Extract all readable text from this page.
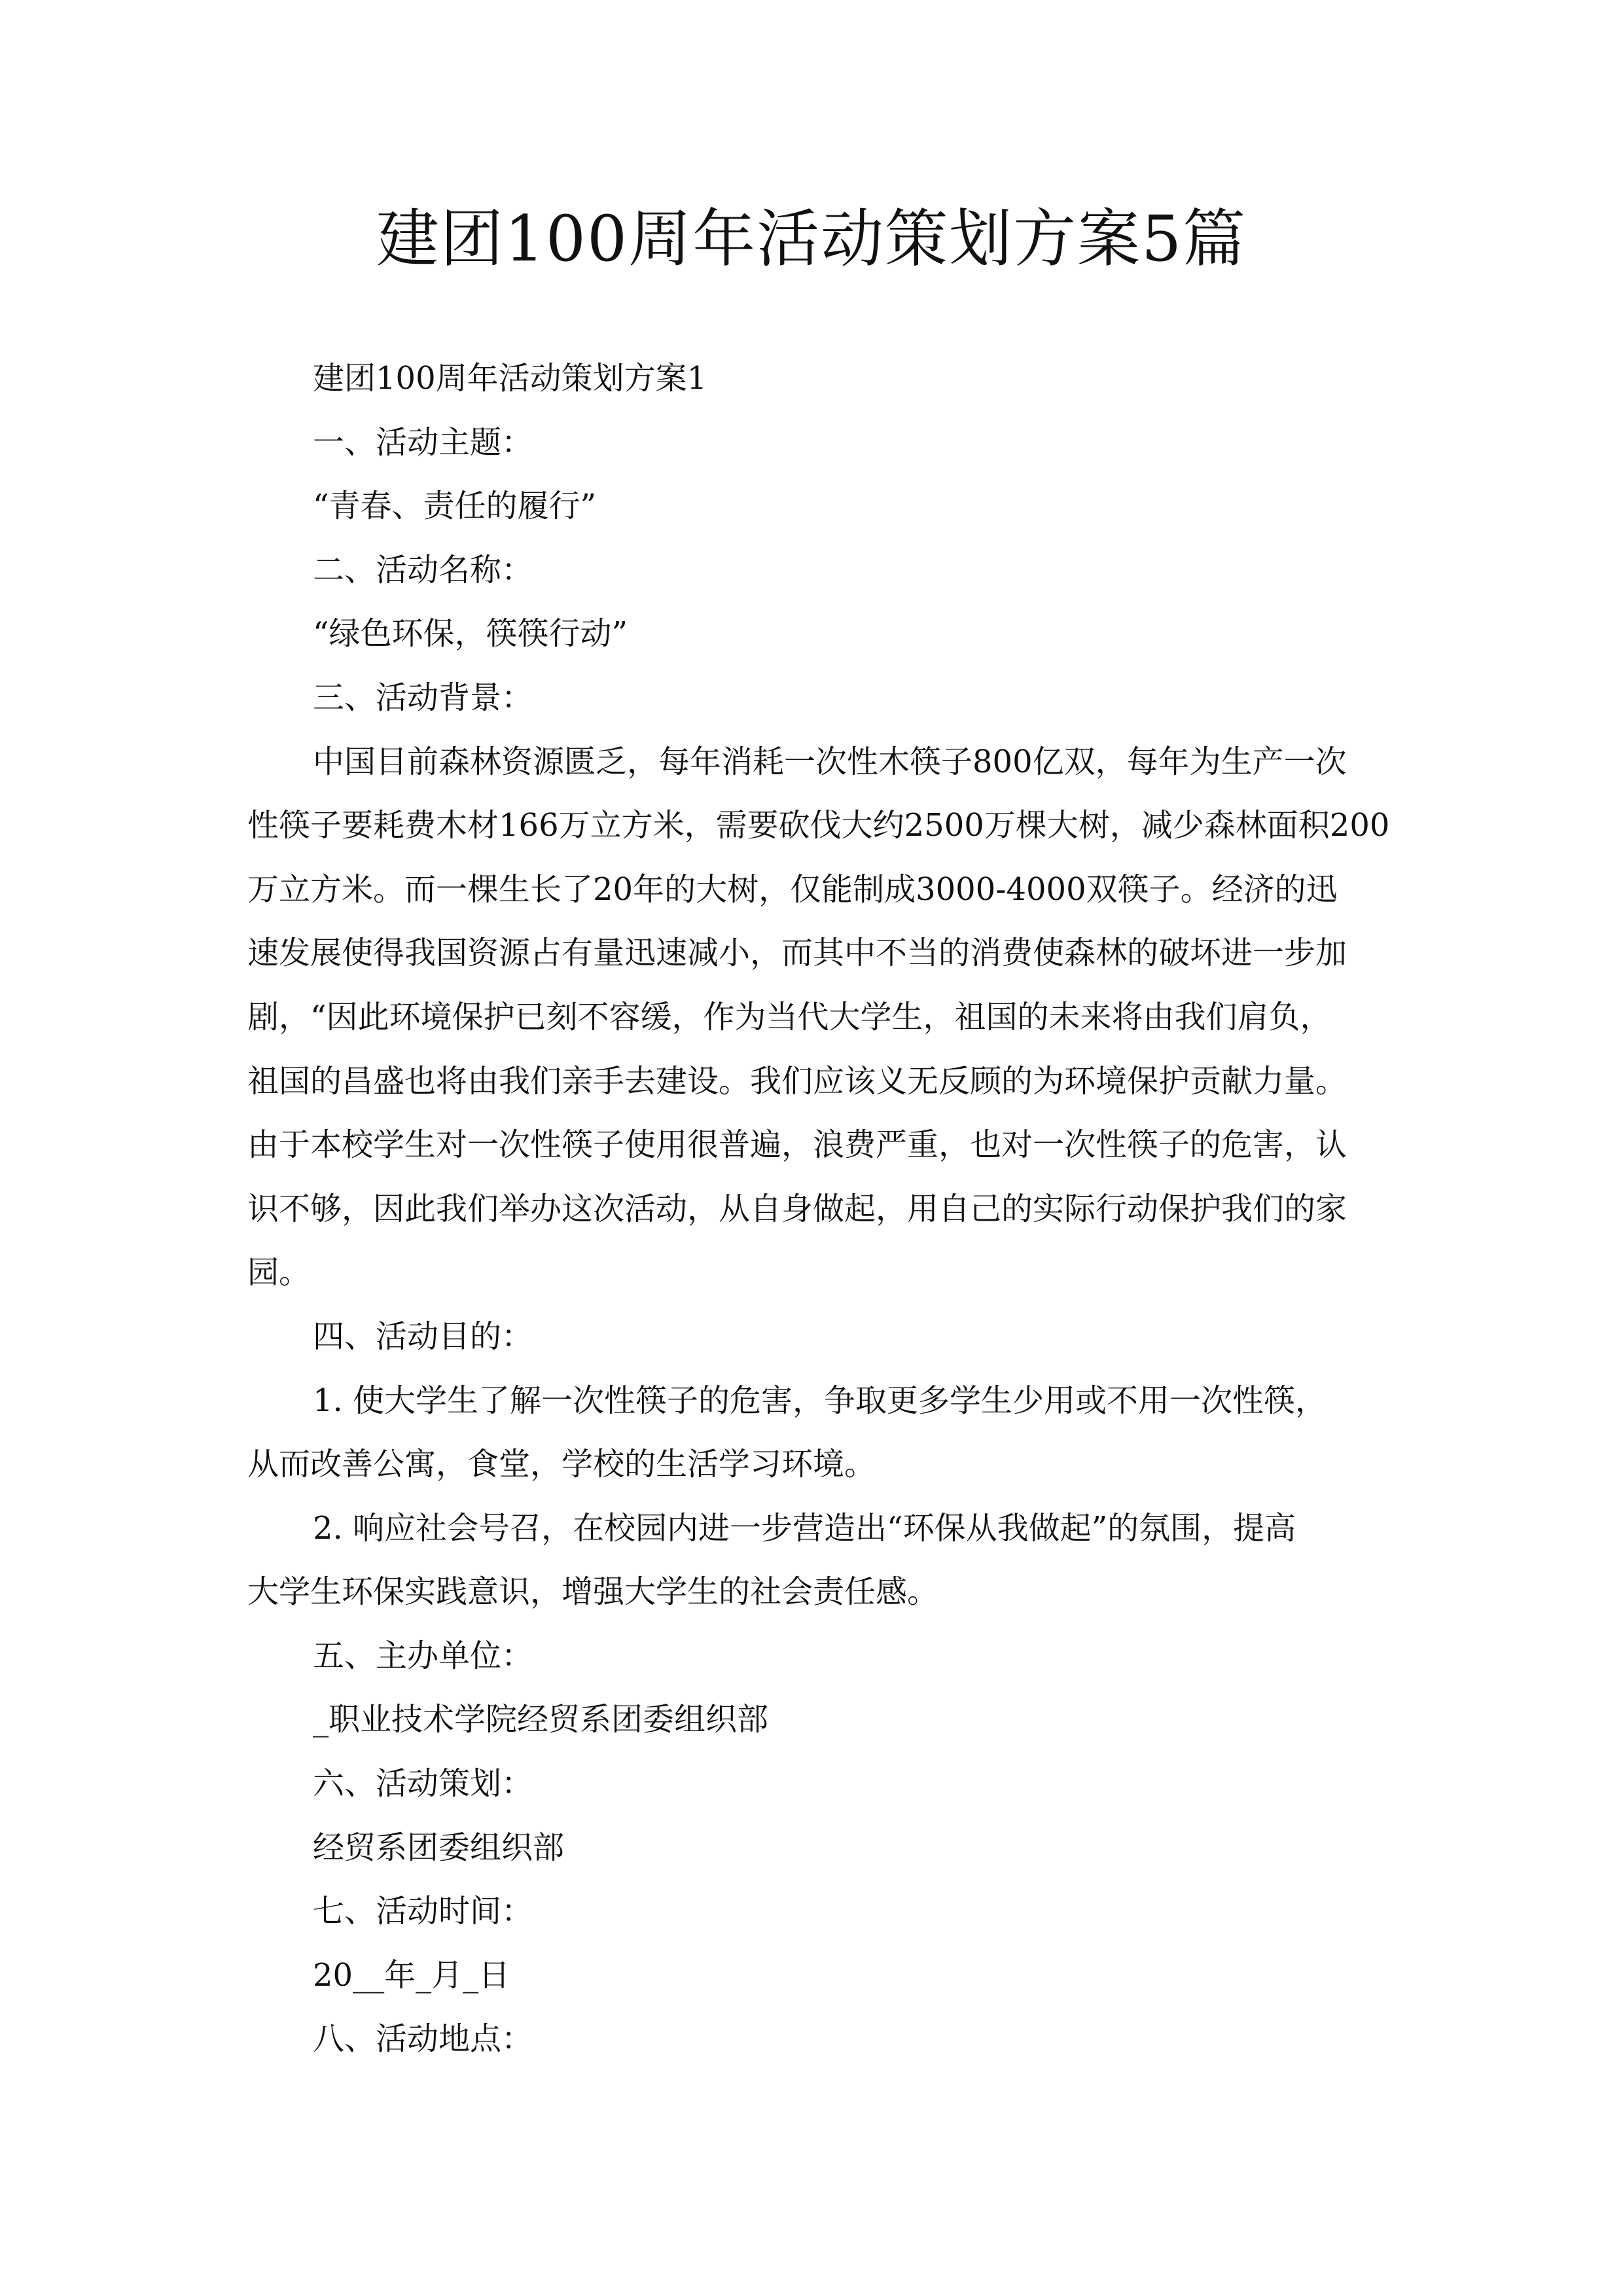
建团100周年活动策划方案5篇

建团100周年活动策划方案1

一、活动主题：

“青春、责任的履行”

二、活动名称：

“绿色环保，筷筷行动”

三、活动背景：

中国目前森林资源匮乏，每年消耗一次性木筷子800亿双，每年为生产一次
性筷子要耗费木材166万立方米，需要砍伐大约2500万棵大树，减少森林面积200
万立方米。而一棵生长了20年的大树，仅能制成3000-4000双筷子。经济的迅
速发展使得我国资源占有量迅速减小，而其中不当的消费使森林的破坏进一步加
剧，“因此环境保护已刻不容缓，作为当代大学生，祖国的未来将由我们肩负，
祖国的昌盛也将由我们亲手去建设。我们应该义无反顾的为环境保护贡献力量。
由于本校学生对一次性筷子使用很普遍，浪费严重，也对一次性筷子的危害，认
识不够，因此我们举办这次活动，从自身做起，用自己的实际行动保护我们的家
园。

四、活动目的：

1. 使大学生了解一次性筷子的危害，争取更多学生少用或不用一次性筷，
从而改善公寓，食堂，学校的生活学习环境。
2. 响应社会号召，在校园内进一步营造出“环保从我做起”的氛围，提高
大学生环保实践意识，增强大学生的社会责任感。

五、主办单位：

_职业技术学院经贸系团委组织部

六、活动策划：

经贸系团委组织部

七、活动时间：

20__年_月_日

八、活动地点：
